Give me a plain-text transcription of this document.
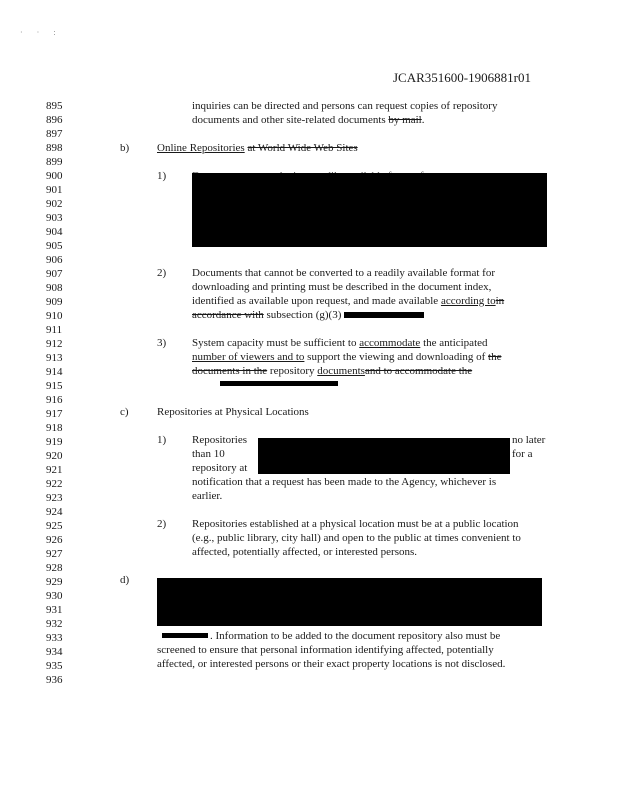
· · :
JCAR351600-1906881r01
895
896
897
898
899
900
901
902
903
904
905
906
907
908
909
910
911
912
913
914
915
916
917
918
919
920
921
922
923
924
925
926
927
928
929
930
931
932
933
934
935
936
inquiries can be directed and persons can request copies of repository
documents and other site-related documents by mail.
b)	Online Repositories at World Wide Web Sites
1)
2) Documents that cannot be converted to a readily available format for
downloading and printing must be described in the document index,
identified as available upon request, and made available according toin
accordance with subsection (g)(3)
3) System capacity must be sufficient to accommodate the anticipated
number of viewers and to support the viewing and downloading of the
documents in the repository documentsand to accommodate the
c)	Repositories at Physical Locations
1) Repositories	no later
than 10	for a
repository at
notification that a request has been made to the Agency, whichever is
earlier.
2) Repositories established at a physical location must be at a public location
(e.g., public library, city hall) and open to the public at times convenient to
affected, potentially affected, or interested persons.
d)
. Information to be added to the document repository also must be
screened to ensure that personal information identifying affected, potentially
affected, or interested persons or their exact property locations is not disclosed.
